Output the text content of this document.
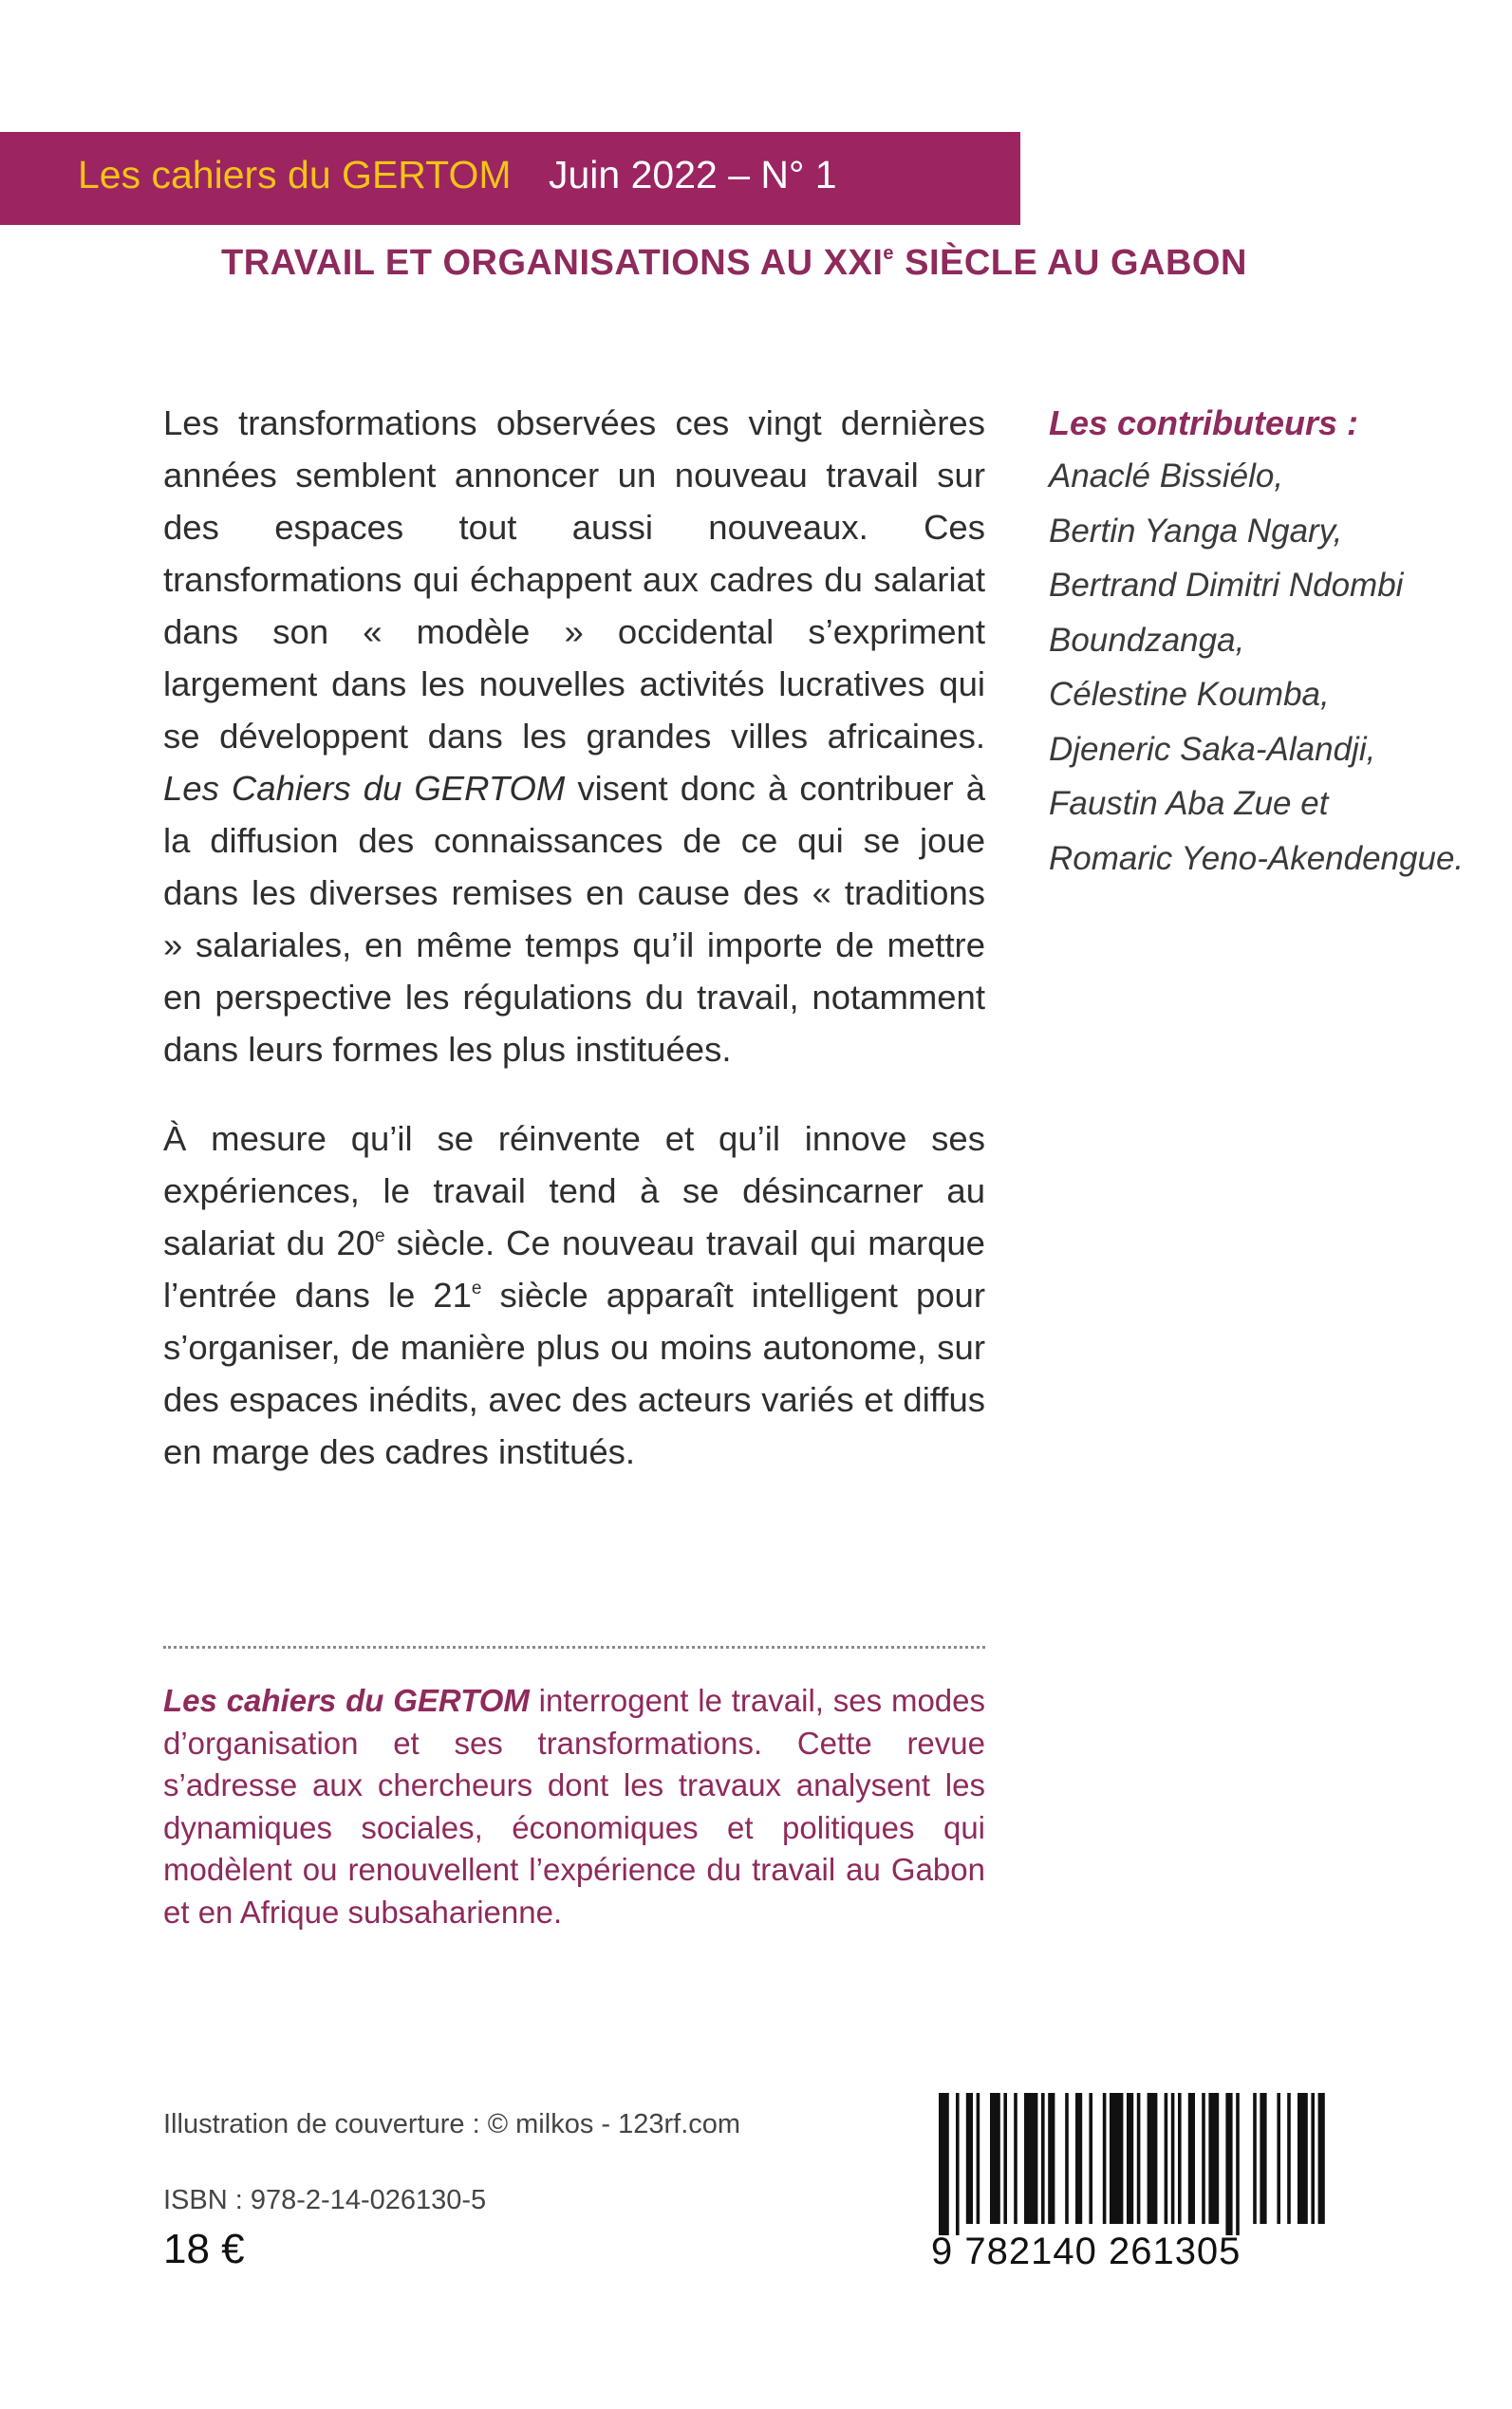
Les cahiers du GERTOM Juin 2022 – N° 1
TRAVAIL ET ORGANISATIONS AU XXIe SIÈCLE AU GABON

Les transformations observées ces vingt dernières années semblent annoncer un nouveau travail sur des espaces tout aussi nouveaux. Ces transformations qui échappent aux cadres du salariat dans son « modèle » occidental s’expriment largement dans les nouvelles activités lucratives qui se développent dans les grandes villes africaines. Les Cahiers du GERTOM visent donc à contribuer à la diffusion des connaissances de ce qui se joue dans les diverses remises en cause des « traditions » salariales, en même temps qu’il importe de mettre en perspective les régulations du travail, notamment dans leurs formes les plus instituées.

À mesure qu’il se réinvente et qu’il innove ses expériences, le travail tend à se désincarner au salariat du 20e siècle. Ce nouveau travail qui marque l’entrée dans le 21e siècle apparaît intelligent pour s’organiser, de manière plus ou moins autonome, sur des espaces inédits, avec des acteurs variés et diffus en marge des cadres institués.

Les contributeurs :
Anaclé Bissiélo,
Bertin Yanga Ngary,
Bertrand Dimitri Ndombi
Boundzanga,
Célestine Koumba,
Djeneric Saka-Alandji,
Faustin Aba Zue et
Romaric Yeno-Akendengue.
Les cahiers du GERTOM interrogent le travail, ses modes d’organisation et ses transformations. Cette revue s’adresse aux chercheurs dont les travaux analysent les dynamiques sociales, économiques et politiques qui modèlent ou renouvellent l’expérience du travail au Gabon et en Afrique subsaharienne.
Illustration de couverture : © milkos - 123rf.com
ISBN : 978-2-14-026130-5
18 €	9 782140 261305
